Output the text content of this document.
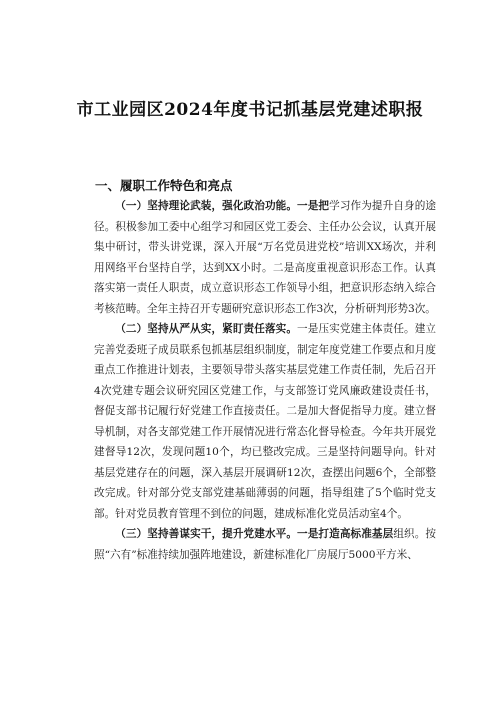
市工业园区2024年度书记抓基层党建述职报
一、履职工作特色和亮点

（一）坚持理论武装，强化政治功能。一是把学习作为提升自身的途径。积极参加工委中心组学习和园区党工委会、主任办公会议，认真开展集中研讨，带头讲党课，深入开展“万名党员进党校”培训XX场次，并利用网络平台坚持自学，达到XX小时。二是高度重视意识形态工作。认真落实第一责任人职责，成立意识形态工作领导小组，把意识形态纳入综合考核范畴。全年主持召开专题研究意识形态工作3次，分析研判形势3次。

（二）坚持从严从实，紧盯责任落实。一是压实党建主体责任。建立完善党委班子成员联系包抓基层组织制度，制定年度党建工作要点和月度重点工作推进计划表，主要领导带头落实基层党建工作责任制，先后召开4次党建专题会议研究园区党建工作，与支部签订党风廉政建设责任书，督促支部书记履行好党建工作直接责任。二是加大督促指导力度。建立督导机制，对各支部党建工作开展情况进行常态化督导检查。今年共开展党建督导12次，发现问题10个，均已整改完成。三是坚持问题导向。针对基层党建存在的问题，深入基层开展调研12次，查摆出问题6个，全部整改完成。针对部分党支部党建基础薄弱的问题，指导组建了5个临时党支部。针对党员教育管理不到位的问题，建成标准化党员活动室4个。

（三）坚持善谋实干，提升党建水平。一是打造高标准基层组织。按照“六有”标准持续加强阵地建设，新建标准化厂房展厅5000平方米、
